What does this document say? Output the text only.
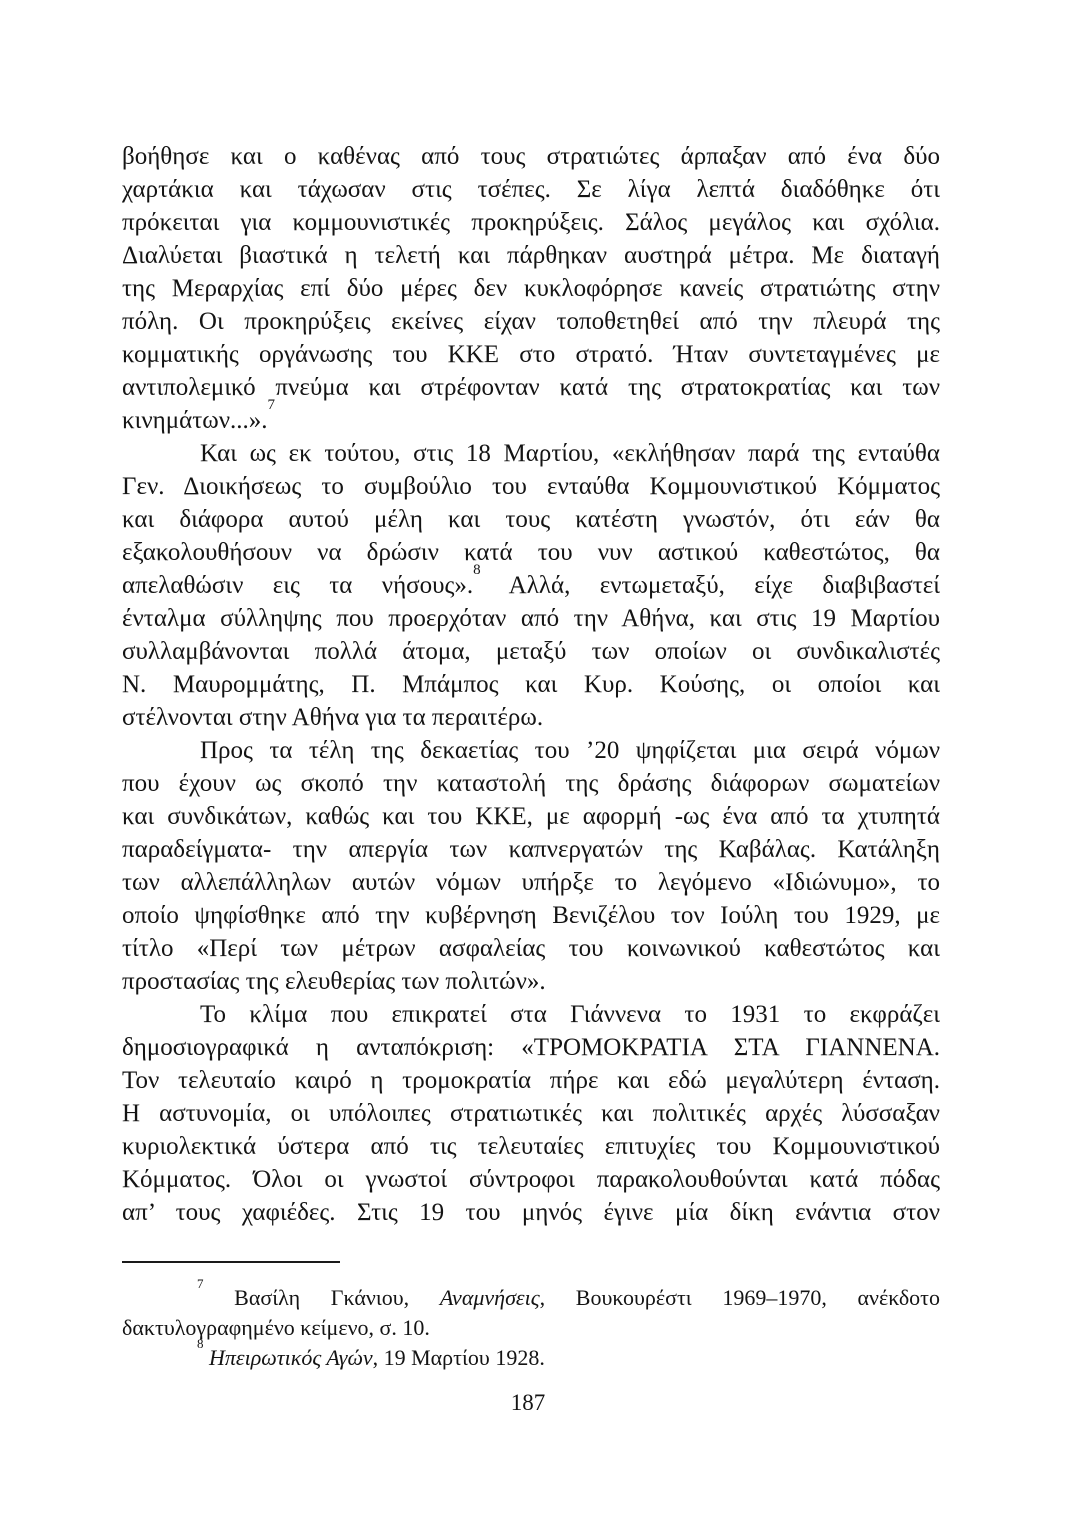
βοήθησε και ο καθένας από τους στρατιώτες άρπαξαν από ένα δύο
χαρτάκια και τάχωσαν στις τσέπες. Σε λίγα λεπτά διαδόθηκε ότι
πρόκειται για κομμουνιστικές προκηρύξεις. Σάλος μεγάλος και σχόλια.
Διαλύεται βιαστικά η τελετή και πάρθηκαν αυστηρά μέτρα. Με διαταγή
της Μεραρχίας επί δύο μέρες δεν κυκλοφόρησε κανείς στρατιώτης στην
πόλη. Οι προκηρύξεις εκείνες είχαν τοποθετηθεί από την πλευρά της
κομματικής οργάνωσης του ΚΚΕ στο στρατό. Ήταν συντεταγμένες με
αντιπολεμικό πνεύμα και στρέφονταν κατά της στρατοκρατίας και των
κινημάτων...».$^7$
Και ως εκ τούτου, στις 18 Μαρτίου, «εκλήθησαν παρά της ενταύθα
Γεν. Διοικήσεως το συμβούλιο του ενταύθα Κομμουνιστικού Κόμματος
και διάφορα αυτού μέλη και τους κατέστη γνωστόν, ότι εάν θα
εξακολουθήσουν να δρώσιν κατά του νυν αστικού καθεστώτος, θα
απελαθώσιν εις τα νήσους».$^8$ Αλλά, εντωμεταξύ, είχε διαβιβαστεί
ένταλμα σύλληψης που προερχόταν από την Αθήνα, και στις 19 Μαρτίου
συλλαμβάνονται πολλά άτομα, μεταξύ των οποίων οι συνδικαλιστές
Ν. Μαυρομμάτης, Π. Μπάμπος και Κυρ. Κούσης, οι οποίοι και
στέλνονται στην Αθήνα για τα περαιτέρω.
Προς τα τέλη της δεκαετίας του ’20 ψηφίζεται μια σειρά νόμων
που έχουν ως σκοπό την καταστολή της δράσης διάφορων σωματείων
και συνδικάτων, καθώς και του ΚΚΕ, με αφορμή -ως ένα από τα χτυπητά
παραδείγματα- την απεργία των καπνεργατών της Καβάλας. Κατάληξη
των αλλεπάλληλων αυτών νόμων υπήρξε το λεγόμενο «Ιδιώνυμο», το
οποίο ψηφίσθηκε από την κυβέρνηση Βενιζέλου τον Ιούλη του 1929, με
τίτλο «Περί των μέτρων ασφαλείας του κοινωνικού καθεστώτος και
προστασίας της ελευθερίας των πολιτών».
Το κλίμα που επικρατεί στα Γιάννενα το 1931 το εκφράζει
δημοσιογραφικά η ανταπόκριση: «ΤΡΟΜΟΚΡΑΤΙΑ ΣΤΑ ΓΙΑΝΝΕΝΑ.
Τον τελευταίο καιρό η τρομοκρατία πήρε και εδώ μεγαλύτερη ένταση.
Η αστυνομία, οι υπόλοιπες στρατιωτικές και πολιτικές αρχές λύσσαξαν
κυριολεκτικά ύστερα από τις τελευταίες επιτυχίες του Κομμουνιστικού
Κόμματος. Όλοι οι γνωστοί σύντροφοι παρακολουθούνται κατά πόδας
απ’ τους χαφιέδες. Στις 19 του μηνός έγινε μία δίκη ενάντια στον
$^7$ Βασίλη Γκάνιου, Αναμνήσεις, Βουκουρέστι 1969–1970, ανέκδοτο
δακτυλογραφημένο κείμενο, σ. 10.
$^8$ Ηπειρωτικός Αγών, 19 Μαρτίου 1928.
187
